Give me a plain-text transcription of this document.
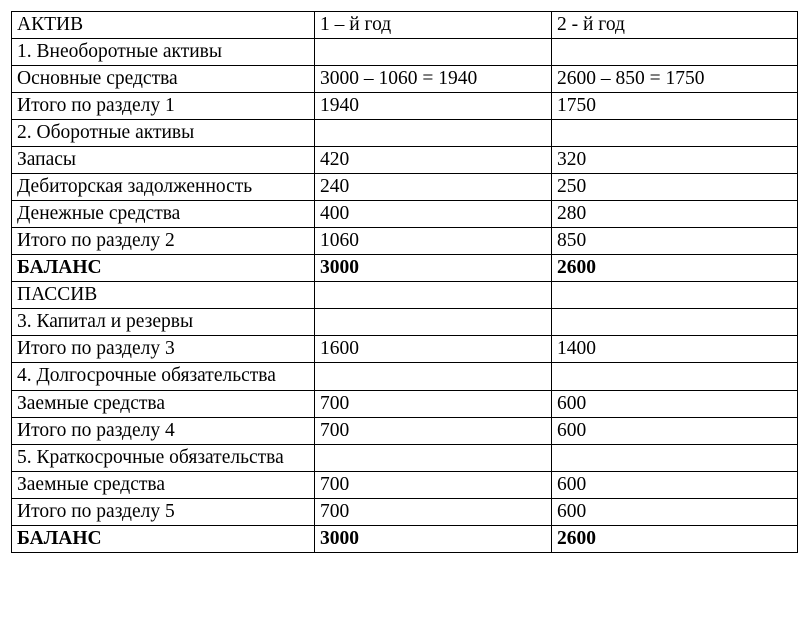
АКТИВ	1 – й год	2 - й год
1. Внеоборотные активы		
Основные средства	3000 – 1060 = 1940	2600 – 850 = 1750
Итого по разделу 1	1940	1750
2. Оборотные активы		
Запасы	420	320
Дебиторская задолженность	240	250
Денежные средства	400	280
Итого по разделу 2	1060	850
БАЛАНС	3000	2600
ПАССИВ		
3. Капитал и резервы		
Итого по разделу 3	1600	1400
4. Долгосрочные обязательства		
Заемные средства	700	600
Итого по разделу 4	700	600
5. Краткосрочные обязательства		
Заемные средства	700	600
Итого по разделу 5	700	600
БАЛАНС	3000	2600
